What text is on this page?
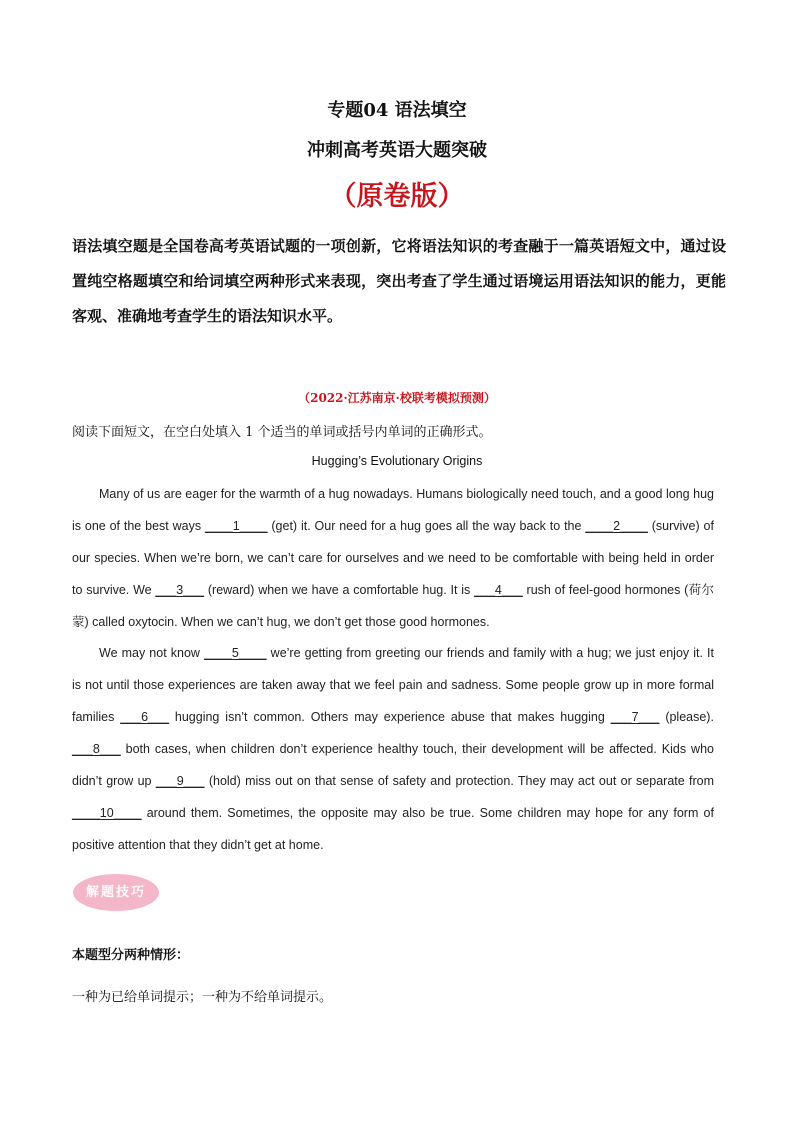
专题04 语法填空
冲刺高考英语大题突破
（原卷版）

语法填空题是全国卷高考英语试题的一项创新，它将语法知识的考查融于一篇英语短文中，通过设置纯空格题填空和给词填空两种形式来表现，突出考查了学生通过语境运用语法知识的能力，更能客观、准确地考查学生的语法知识水平。

（2022·江苏南京·校联考模拟预测）
阅读下面短文，在空白处填入 1 个适当的单词或括号内单词的正确形式。
Hugging’s Evolutionary Origins

Many of us are eager for the warmth of a hug nowadays. Humans biologically need touch, and a good long hug is one of the best ways ____1____ (get) it. Our need for a hug goes all the way back to the ____2____ (survive) of our species. When we’re born, we can’t care for ourselves and we need to be comfortable with being held in order to survive. We ___3___ (reward) when we have a comfortable hug. It is ___4___ rush of feel-good hormones (荷尔蒙) called oxytocin. When we can’t hug, we don’t get those good hormones.

We may not know ____5____ we’re getting from greeting our friends and family with a hug; we just enjoy it. It is not until those experiences are taken away that we feel pain and sadness. Some people grow up in more formal families ___6___ hugging isn’t common. Others may experience abuse that makes hugging ___7___ (please). ___8___ both cases, when children don’t experience healthy touch, their development will be affected. Kids who didn’t grow up ___9___ (hold) miss out on that sense of safety and protection. They may act out or separate from ____10____ around them. Sometimes, the opposite may also be true. Some children may hope for any form of positive attention that they didn’t get at home.

解题技巧
本题型分两种情形：
一种为已给单词提示；一种为不给单词提示。
